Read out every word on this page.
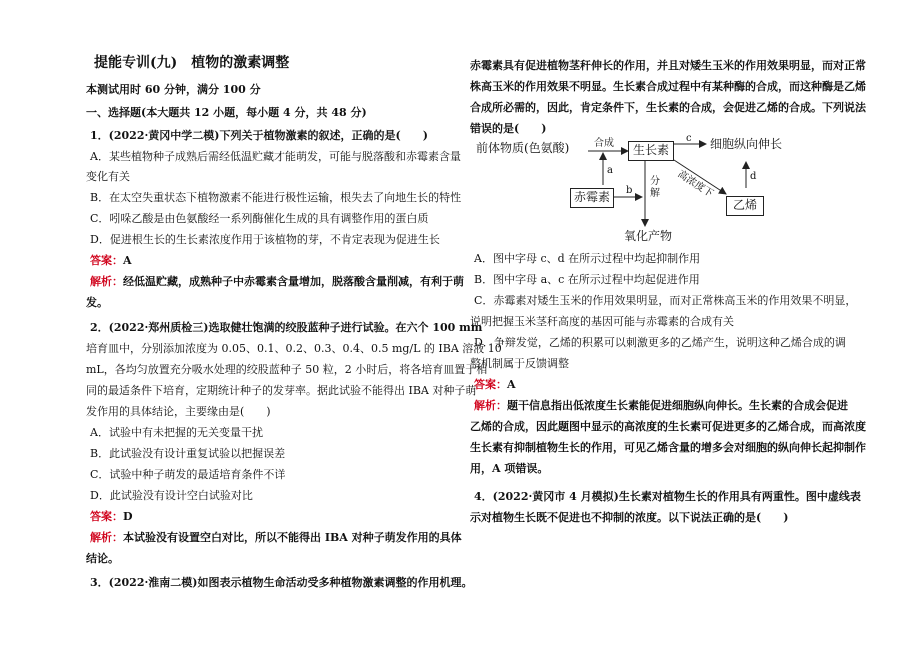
提能专训(九)　植物的激素调整
本测试用时 60 分钟，满分 100 分
一、选择题(本大题共 12 小题，每小题 4 分，共 48 分)
1．(2022·黄冈中学二模)下列关于植物激素的叙述，正确的是(　　)
A．某些植物种子成熟后需经低温贮藏才能萌发，可能与脱落酸和赤霉素含量
变化有关
B．在太空失重状态下植物激素不能进行极性运输，根失去了向地生长的特性
C．吲哚乙酸是由色氨酸经一系列酶催化生成的具有调整作用的蛋白质
D．促进根生长的生长素浓度作用于该植物的芽，不肯定表现为促进生长
答案：A
解析：经低温贮藏，成熟种子中赤霉素含量增加，脱落酸含量削减，有利于萌
发。
2．(2022·郑州质检三)选取健壮饱满的绞股蓝种子进行试验。在六个 100 mm
培育皿中，分别添加浓度为 0.05、0.1、0.2、0.3、0.4、0.5 mg/L 的 IBA 溶液 10
mL，各均匀放置充分吸水处理的绞股蓝种子 50 粒，2 小时后，将各培育皿置于相
同的最适条件下培育，定期统计种子的发芽率。据此试验不能得出 IBA 对种子萌
发作用的具体结论，主要缘由是(　　)
A．试验中有未把握的无关变量干扰
B．此试验没有设计重复试验以把握误差
C．试验中种子萌发的最适培育条件不详
D．此试验没有设计空白试验对比
答案：D
解析：本试验没有设置空白对比，所以不能得出 IBA 对种子萌发作用的具体
结论。
3．(2022·淮南二模)如图表示植物生命活动受多种植物激素调整的作用机理。
赤霉素具有促进植物茎秆伸长的作用，并且对矮生玉米的作用效果明显，而对正常
株高玉米的作用效果不明显。生长素合成过程中有某种酶的合成，而这种酶是乙烯
合成所必需的，因此，肯定条件下，生长素的合成，会促进乙烯的合成。下列说法
错误的是(　　)
前体物质(色氨酸) 合成	生长素
c 细胞纵向伸长
a
b
d
赤霉素
分解 高浓度下
乙烯
氧化产物
A．图中字母 c、d 在所示过程中均起抑制作用
B．图中字母 a、c 在所示过程中均起促进作用
C．赤霉素对矮生玉米的作用效果明显，而对正常株高玉米的作用效果不明显，
说明把握玉米茎秆高度的基因可能与赤霉素的合成有关
D．争辩发觉，乙烯的积累可以刺激更多的乙烯产生，说明这种乙烯合成的调
整机制属于反馈调整
答案：A
解析：题干信息指出低浓度生长素能促进细胞纵向伸长。生长素的合成会促进
乙烯的合成，因此题图中显示的高浓度的生长素可促进更多的乙烯合成，而高浓度
生长素有抑制植物生长的作用，可见乙烯含量的增多会对细胞的纵向伸长起抑制作
用，A 项错误。
4．(2022·黄冈市 4 月模拟)生长素对植物生长的作用具有两重性。图中虚线表
示对植物生长既不促进也不抑制的浓度。以下说法正确的是(　　)
